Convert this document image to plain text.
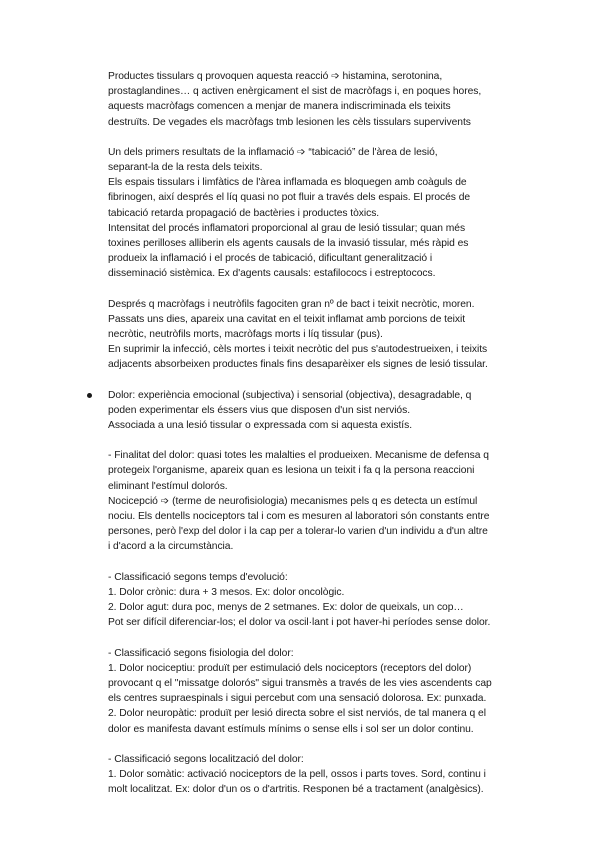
Productes tissulars q provoquen aquesta reacció ➩ histamina, serotonina,
prostaglandines… q activen enèrgicament el sist de macròfags i, en poques hores,
aquests macròfags comencen a menjar de manera indiscriminada els teixits
destruïts. De vegades els macròfags tmb lesionen les cèls tissulars supervivents
Un dels primers resultats de la inflamació ➩ “tabicació” de l'àrea de lesió,
separant-la de la resta dels teixits.
Els espais tissulars i limfàtics de l'àrea inflamada es bloquegen amb coàguls de
fibrinogen, així després el líq quasi no pot fluir a través dels espais. El procés de
tabicació retarda propagació de bactèries i productes tòxics.
Intensitat del procés inflamatori proporcional al grau de lesió tissular; quan més
toxines perilloses alliberin els agents causals de la invasió tissular, més ràpid es
produeix la inflamació i el procés de tabicació, dificultant generalització i
disseminació sistèmica. Ex d'agents causals: estafilococs i estreptococs.
Després q macròfags i neutròfils fagociten gran nº de bact i teixit necròtic, moren.
Passats uns dies, apareix una cavitat en el teixit inflamat amb porcions de teixit
necròtic, neutròfils morts, macròfags morts i líq tissular (pus).
En suprimir la infecció, cèls mortes i teixit necròtic del pus s'autodestrueixen, i teixits
adjacents absorbeixen productes finals fins desaparèixer els signes de lesió tissular.
Dolor: experiència emocional (subjectiva) i sensorial (objectiva), desagradable, q
poden experimentar els éssers vius que disposen d'un sist nerviós.
Associada a una lesió tissular o expressada com si aquesta existís.
- Finalitat del dolor: quasi totes les malalties el produeixen. Mecanisme de defensa q
protegeix l'organisme, apareix quan es lesiona un teixit i fa q la persona reaccioni
eliminant l'estímul dolorós.
Nocicepció ➩ (terme de neurofisiologia) mecanismes pels q es detecta un estímul
nociu. Els dentells nociceptors tal i com es mesuren al laboratori són constants entre
persones, però l'exp del dolor i la cap per a tolerar-lo varien d'un individu a d'un altre
i d'acord a la circumstància.
- Classificació segons temps d'evolució:
1. Dolor crònic: dura + 3 mesos. Ex: dolor oncològic.
2. Dolor agut: dura poc, menys de 2 setmanes. Ex: dolor de queixals, un cop…
Pot ser difícil diferenciar-los; el dolor va oscil·lant i pot haver-hi períodes sense dolor.
- Classificació segons fisiologia del dolor:
1. Dolor nociceptiu: produït per estimulació dels nociceptors (receptors del dolor)
provocant q el "missatge dolorós" sigui transmès a través de les vies ascendents cap
els centres supraespinals i sigui percebut com una sensació dolorosa. Ex: punxada.
2. Dolor neuropàtic: produït per lesió directa sobre el sist nerviós, de tal manera q el
dolor es manifesta davant estímuls mínims o sense ells i sol ser un dolor continu.
- Classificació segons localització del dolor:
1. Dolor somàtic: activació nociceptors de la pell, ossos i parts toves. Sord, continu i
molt localitzat. Ex: dolor d'un os o d'artritis. Responen bé a tractament (analgèsics).
